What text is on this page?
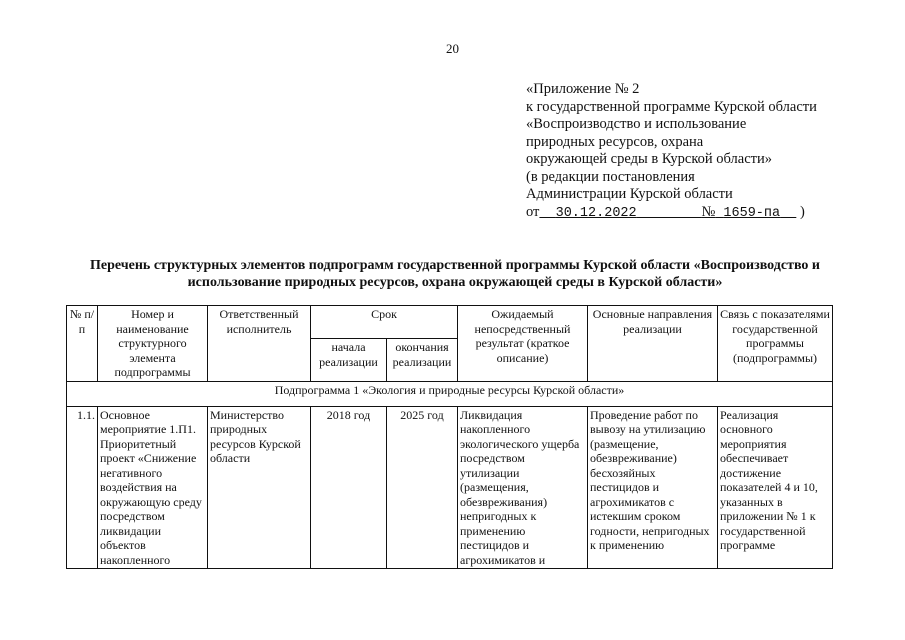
20
«Приложение № 2
к государственной программе Курской области
«Воспроизводство и использование
природных ресурсов, охрана
окружающей среды в Курской области»
(в редакции постановления
Администрации Курской области
от 30.12.2022	№ 1659-па )
Перечень структурных элементов подпрограмм государственной программы Курской области «Воспроизводство и использование природных ресурсов, охрана окружающей среды в Курской области»
№ п/п	Номер и наименование структурного элемента подпрограммы	Ответственный исполнитель	Срок		Ожидаемый непосредственный результат (краткое описание)	Основные направления реализации	Связь с показателями государственной программы (подпрограммы)
			начала реализации	окончания реализации			
Подпрограмма 1 «Экология и природные ресурсы Курской области»							
1.1.	Основное мероприятие 1.П1. Приоритетный проект «Снижение негативного воздействия на окружающую среду посредством ликвидации объектов накопленного	Министерство природных ресурсов Курской области	2018 год	2025 год	Ликвидация накопленного экологического ущерба посредством утилизации (размещения, обезвреживания) непригодных к применению пестицидов и агрохимикатов и	Проведение работ по вывозу на утилизацию (размещение, обезвреживание) бесхозяйных пестицидов и агрохимикатов с истекшим сроком годности, непригодных к применению	Реализация основного мероприятия обеспечивает достижение показателей 4 и 10, указанных в приложении № 1 к государственной программе
